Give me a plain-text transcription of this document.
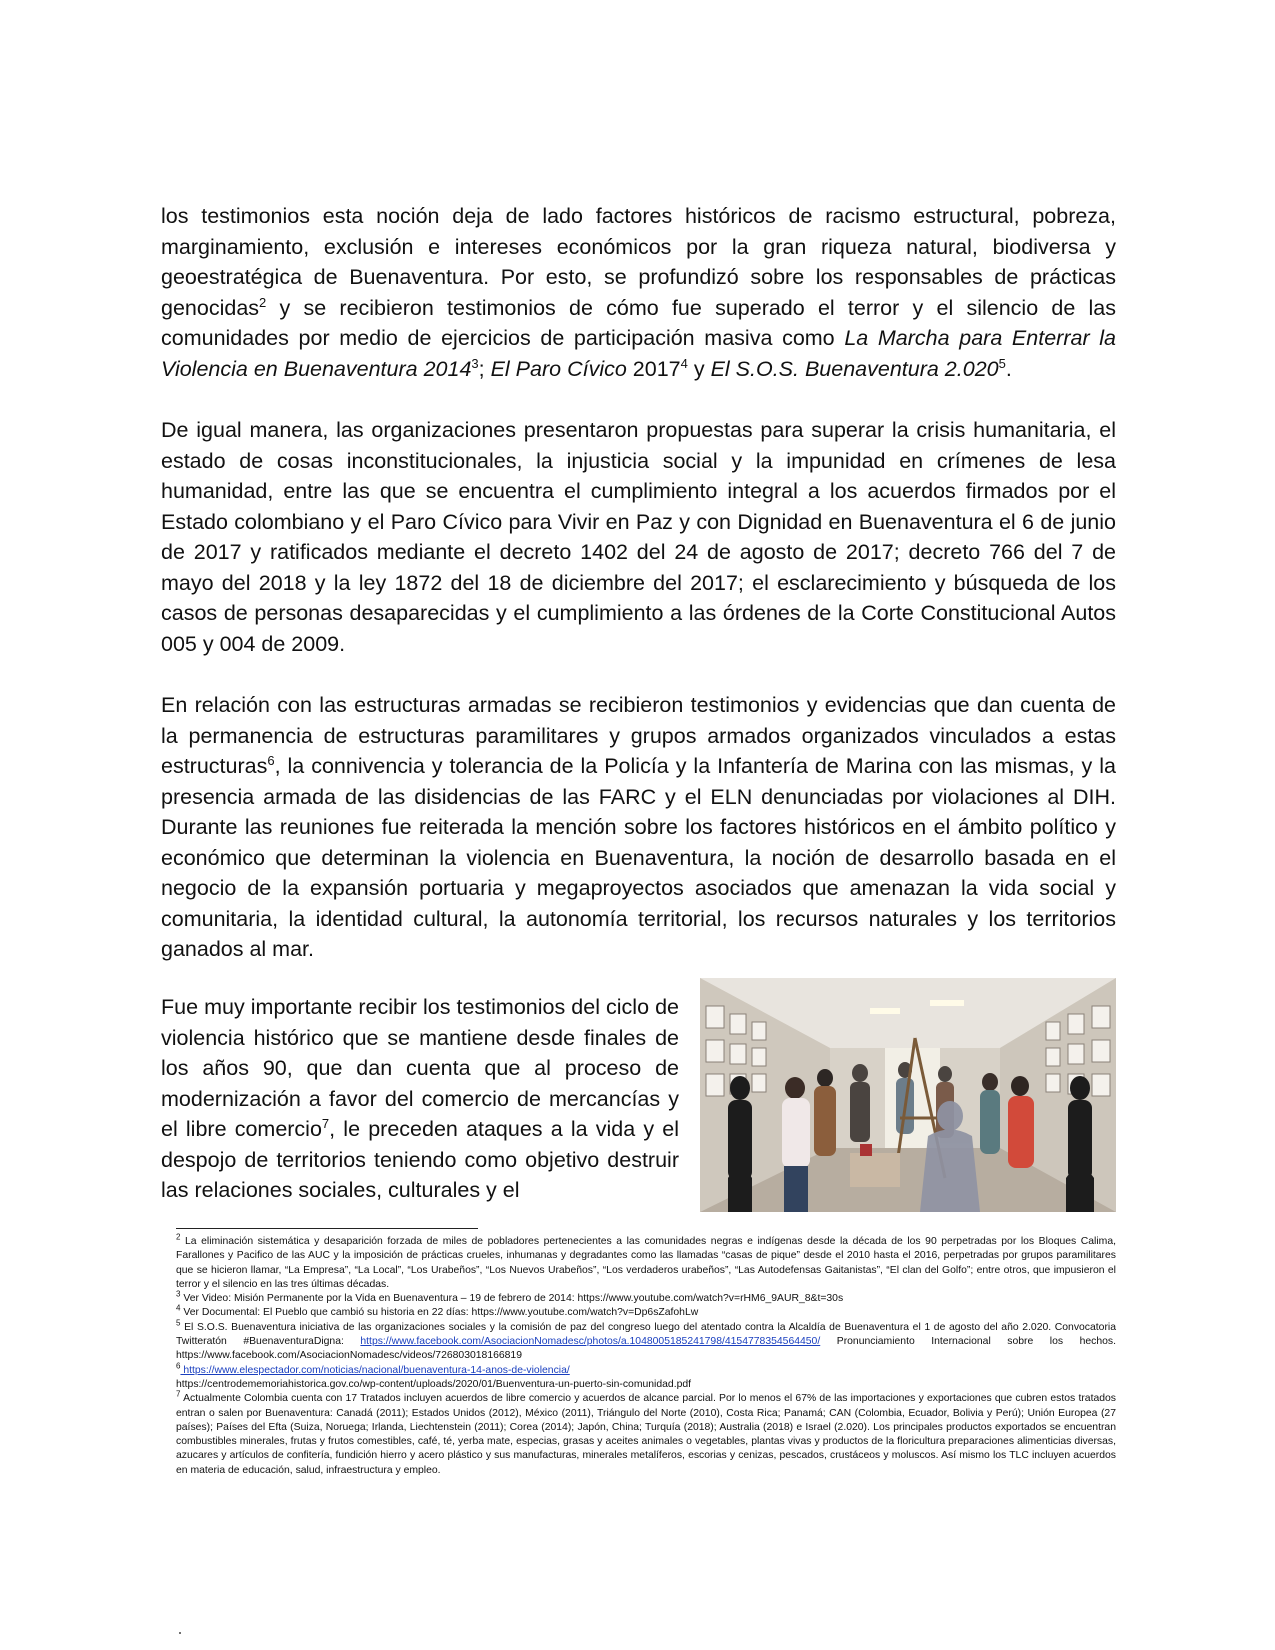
los testimonios esta noción deja de lado factores históricos de racismo estructural, pobreza, marginamiento, exclusión e intereses económicos por la gran riqueza natural, biodiversa y geoestratégica de Buenaventura. Por esto, se profundizó sobre los responsables de prácticas genocidas$^2$ y se recibieron testimonios de cómo fue superado el terror y el silencio de las comunidades por medio de ejercicios de participación masiva como La Marcha para Enterrar la Violencia en Buenaventura 2014$^3$; El Paro Cívico 2017$^4$ y El S.O.S. Buenaventura 2.020$^5$.
De igual manera, las organizaciones presentaron propuestas para superar la crisis humanitaria, el estado de cosas inconstitucionales, la injusticia social y la impunidad en crímenes de lesa humanidad, entre las que se encuentra el cumplimiento integral a los acuerdos firmados por el Estado colombiano y el Paro Cívico para Vivir en Paz y con Dignidad en Buenaventura el 6 de junio de 2017 y ratificados mediante el decreto 1402 del 24 de agosto de 2017; decreto 766 del 7 de mayo del 2018 y la ley 1872 del 18 de diciembre del 2017; el esclarecimiento y búsqueda de los casos de personas desaparecidas y el cumplimiento a las órdenes de la Corte Constitucional Autos 005 y 004 de 2009.
En relación con las estructuras armadas se recibieron testimonios y evidencias que dan cuenta de la permanencia de estructuras paramilitares y grupos armados organizados vinculados a estas estructuras$^6$, la connivencia y tolerancia de la Policía y la Infantería de Marina con las mismas, y la presencia armada de las disidencias de las FARC y el ELN denunciadas por violaciones al DIH. Durante las reuniones fue reiterada la mención sobre los factores históricos en el ámbito político y económico que determinan la violencia en Buenaventura, la noción de desarrollo basada en el negocio de la expansión portuaria y megaproyectos asociados que amenazan la vida social y comunitaria, la identidad cultural, la autonomía territorial, los recursos naturales y los territorios ganados al mar.
Fue muy importante recibir los testimonios del ciclo de violencia histórico que se mantiene desde finales de los años 90, que dan cuenta que al proceso de modernización a favor del comercio de mercancías y el libre comercio$^7$, le preceden ataques a la vida y el despojo de territorios teniendo como objetivo destruir las relaciones sociales, culturales y el
$^2$ La eliminación sistemática y desaparición forzada de miles de pobladores pertenecientes a las comunidades negras e indígenas desde la década de los 90 perpetradas por los Bloques Calima, Farallones y Pacifico de las AUC y la imposición de prácticas crueles, inhumanas y degradantes como las llamadas “casas de pique” desde el 2010 hasta el 2016, perpetradas por grupos paramilitares que se hicieron llamar, “La Empresa”, “La Local”, “Los Urabeños”, “Los Nuevos Urabeños”, “Los verdaderos urabeños”, “Las Autodefensas Gaitanistas”, “El clan del Golfo”; entre otros, que impusieron el terror y el silencio en las tres últimas décadas.
$^3$ Ver Video: Misión Permanente por la Vida en Buenaventura – 19 de febrero de 2014: https://www.youtube.com/watch?v=rHM6_9AUR_8&t=30s
$^4$ Ver Documental: El Pueblo que cambió su historia en 22 días: https://www.youtube.com/watch?v=Dp6sZafohLw
$^5$ El S.O.S. Buenaventura iniciativa de las organizaciones sociales y la comisión de paz del congreso luego del atentado contra la Alcaldía de Buenaventura el 1 de agosto del año 2.020. Convocatoria Twitteratón #BuenaventuraDigna: https://www.facebook.com/AsociacionNomadesc/photos/a.1048005185241798/4154778354564450/ Pronunciamiento Internacional sobre los hechos. https://www.facebook.com/AsociacionNomadesc/videos/726803018166819
$^6$ https://www.elespectador.com/noticias/nacional/buenaventura-14-anos-de-violencia/
https://centrodememoriahistorica.gov.co/wp-content/uploads/2020/01/Buenventura-un-puerto-sin-comunidad.pdf
$^7$ Actualmente Colombia cuenta con 17 Tratados incluyen acuerdos de libre comercio y acuerdos de alcance parcial. Por lo menos el 67% de las importaciones y exportaciones que cubren estos tratados entran o salen por Buenaventura: Canadá (2011); Estados Unidos (2012), México (2011), Triángulo del Norte (2010), Costa Rica; Panamá; CAN (Colombia, Ecuador, Bolivia y Perú); Unión Europea (27 países); Países del Efta (Suiza, Noruega; Irlanda, Liechtenstein (2011); Corea (2014); Japón, China; Turquía (2018); Australia (2018) e Israel (2.020). Los principales productos exportados se encuentran combustibles minerales, frutas y frutos comestibles, café, té, yerba mate, especias, grasas y aceites animales o vegetables, plantas vivas y productos de la floricultura preparaciones alimenticias diversas, azucares y artículos de confitería, fundición hierro y acero plástico y sus manufacturas, minerales metalíferos, escorias y cenizas, pescados, crustáceos y moluscos. Así mismo los TLC incluyen acuerdos en materia de educación, salud, infraestructura y empleo.
